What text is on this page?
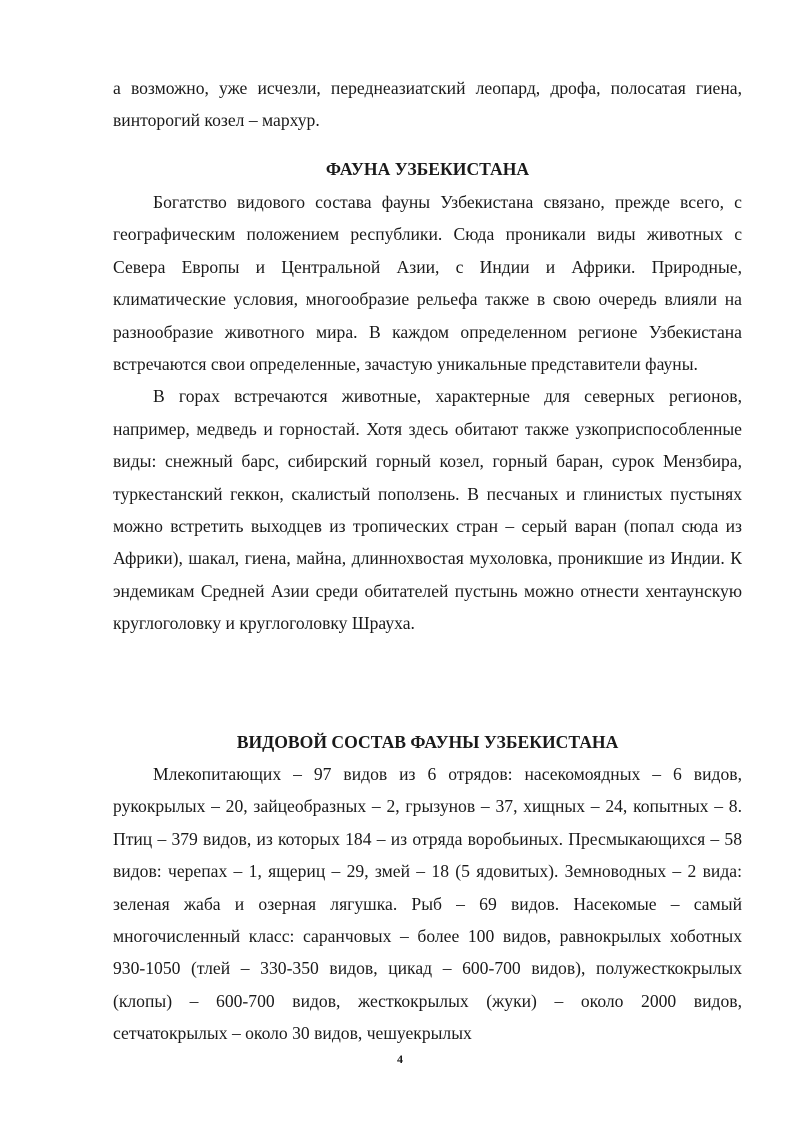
а возможно, уже исчезли, переднеазиатский леопард, дрофа, полосатая гиена, винторогий козел – мархур.

ФАУНА УЗБЕКИСТАНА

Богатство видового состава фауны Узбекистана связано, прежде всего, с географическим положением республики. Сюда проникали виды животных с Севера Европы и Центральной Азии, с Индии и Африки. Природные, климатические условия, многообразие рельефа также в свою очередь влияли на разнообразие животного мира. В каждом определенном регионе Узбекистана встречаются свои определенные, зачастую уникальные представители фауны.

В горах встречаются животные, характерные для северных регионов, например, медведь и горностай. Хотя здесь обитают также узкоприспособленные виды: снежный барс, сибирский горный козел, горный баран, сурок Мензбира, туркестанский геккон, скалистый поползень. В песчаных и глинистых пустынях можно встретить выходцев из тропических стран – серый варан (попал сюда из Африки), шакал, гиена, майна, длиннохвостая мухоловка, проникшие из Индии. К эндемикам Средней Азии среди обитателей пустынь можно отнести хентаунскую круглоголовку и круглоголовку Шрауха.

ВИДОВОЙ СОСТАВ ФАУНЫ УЗБЕКИСТАНА

Млекопитающих – 97 видов из 6 отрядов: насекомоядных – 6 видов, рукокрылых – 20, зайцеобразных – 2, грызунов – 37, хищных – 24, копытных – 8. Птиц – 379 видов, из которых 184 – из отряда воробьиных. Пресмыкающихся – 58 видов: черепах – 1, ящериц – 29, змей – 18 (5 ядовитых). Земноводных – 2 вида: зеленая жаба и озерная лягушка. Рыб – 69 видов. Насекомые – самый многочисленный класс: саранчовых – более 100 видов, равнокрылых хоботных 930-1050 (тлей – 330-350 видов, цикад – 600-700 видов), полужесткокрылых (клопы) – 600-700 видов, жесткокрылых (жуки) – около 2000 видов, сетчатокрылых – около 30 видов, чешуекрылых

4
